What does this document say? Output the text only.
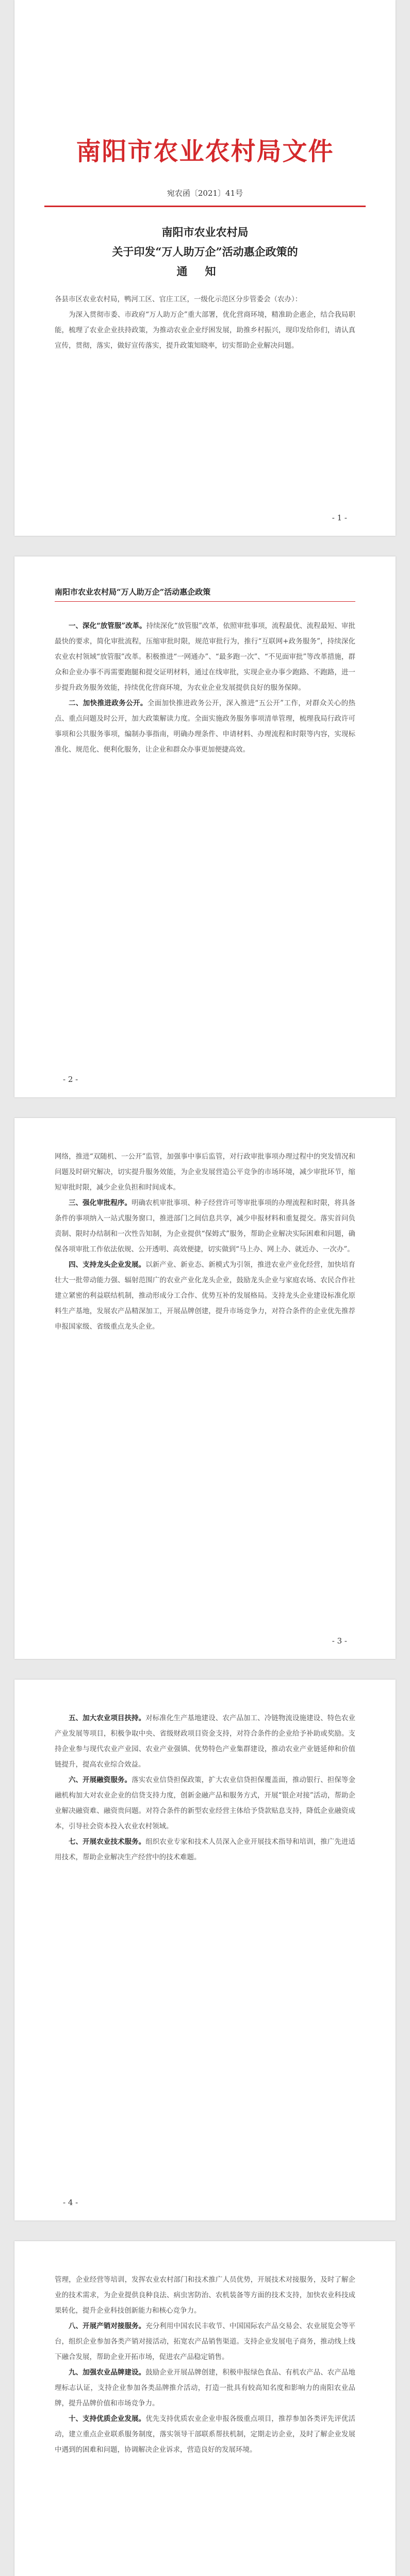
南阳市农业农村局文件
宛农函〔2021〕41号
南阳市农业农村局
关于印发“万人助万企”活动惠企政策的
通知

各县市区农业农村局，鸭河工区、官庄工区，一级化示范区分步管委会（农办）：

为深入贯彻市委、市政府“万人助万企”重大部署，优化营商环境，精准助企惠企，结合我局职能，梳理了农业企业扶持政策，为推动农业企业纾困发展，助推乡村振兴，现印发给你们，请认真宣传，贯彻，落实，做好宣传落实，提升政策知晓率，切实帮助企业解决问题。

- 1 -
南阳市农业农村局“万人助万企”活动惠企政策

一、深化“放管服”改革。持续深化“放管服”改革，依照审批事项，流程最优、流程最短、审批最快的要求，简化审批流程，压缩审批时限，规范审批行为，推行“互联网+政务服务”，持续深化农业农村领域“放管服”改革。积极推进“一网通办”、“最多跑一次”、“不见面审批”等改革措施，群众和企业办事不再需要跑腿和提交证明材料，通过在线审批，实现企业办事少跑路、不跑路，进一步提升政务服务效能，持续优化营商环境，为农业企业发展提供良好的服务保障。

二、加快推进政务公开。全面加快推进政务公开，深入推进“五公开”工作，对群众关心的热点、重点问题及时公开，加大政策解读力度。全面实施政务服务事项清单管理，梳理我局行政许可事项和公共服务事项，编制办事指南，明确办理条件、申请材料、办理流程和时限等内容，实现标准化、规范化、便利化服务，让企业和群众办事更加便捷高效。

- 2 -

网络，推进“双随机、一公开”监管，加强事中事后监管，对行政审批事项办理过程中的突发情况和问题及时研究解决，切实提升服务效能，为企业发展营造公平竞争的市场环境，减少审批环节，缩短审批时限，减少企业负担和时间成本。

三、强化审批程序。明确农机审批事项、种子经营许可等审批事项的办理流程和时限，将具备条件的事项纳入一站式服务窗口，推进部门之间信息共享，减少申报材料和重复提交。落实首问负责制、限时办结制和一次性告知制，为企业提供“保姆式”服务，帮助企业解决实际困难和问题，确保各项审批工作依法依规、公开透明、高效便捷，切实做到“马上办、网上办、就近办、一次办”。

四、支持龙头企业发展。以新产业、新业态、新模式为引领，推进农业产业化经营，加快培育壮大一批带动能力强、辐射范围广的农业产业化龙头企业，鼓励龙头企业与家庭农场、农民合作社建立紧密的利益联结机制，推动形成分工合作、优势互补的发展格局。支持龙头企业建设标准化原料生产基地，发展农产品精深加工，开展品牌创建，提升市场竞争力，对符合条件的企业优先推荐申报国家级、省级重点龙头企业。

- 3 -

五、加大农业项目扶持。对标准化生产基地建设、农产品加工、冷链物流设施建设、特色农业产业发展等项目，积极争取中央、省级财政项目资金支持，对符合条件的企业给予补助或奖励。支持企业参与现代农业产业园、农业产业强镇、优势特色产业集群建设，推动农业产业链延伸和价值链提升，提高农业综合效益。

六、开展融资服务。落实农业信贷担保政策，扩大农业信贷担保覆盖面，推动银行、担保等金融机构加大对农业企业的信贷支持力度，创新金融产品和服务方式，开展“银企对接”活动，帮助企业解决融资难、融资贵问题。对符合条件的新型农业经营主体给予贷款贴息支持，降低企业融资成本，引导社会资本投入农业农村领域。

七、开展农业技术服务。组织农业专家和技术人员深入企业开展技术指导和培训，推广先进适用技术，帮助企业解决生产经营中的技术难题。

- 4 -

管理，企业经营等培训，发挥农业农村部门和技术推广人员优势，开展技术对接服务，及时了解企业的技术需求，为企业提供良种良法、病虫害防治、农机装备等方面的技术支持，加快农业科技成果转化，提升企业科技创新能力和核心竞争力。

八、开展产销对接服务。充分利用中国农民丰收节、中国国际农产品交易会、农业展览会等平台，组织企业参加各类产销对接活动，拓宽农产品销售渠道。支持企业发展电子商务，推动线上线下融合发展，帮助企业开拓市场，促进农产品稳定销售。

九、加强农业品牌建设。鼓励企业开展品牌创建，积极申报绿色食品、有机农产品、农产品地理标志认证，支持企业参加各类品牌推介活动，打造一批具有较高知名度和影响力的南阳农业品牌，提升品牌价值和市场竞争力。

十、支持优质企业发展。优先支持优质农业企业申报各级重点项目，推荐参加各类评先评优活动，建立重点企业联系服务制度，落实领导干部联系帮扶机制，定期走访企业，及时了解企业发展中遇到的困难和问题，协调解决企业诉求，营造良好的发展环境。
